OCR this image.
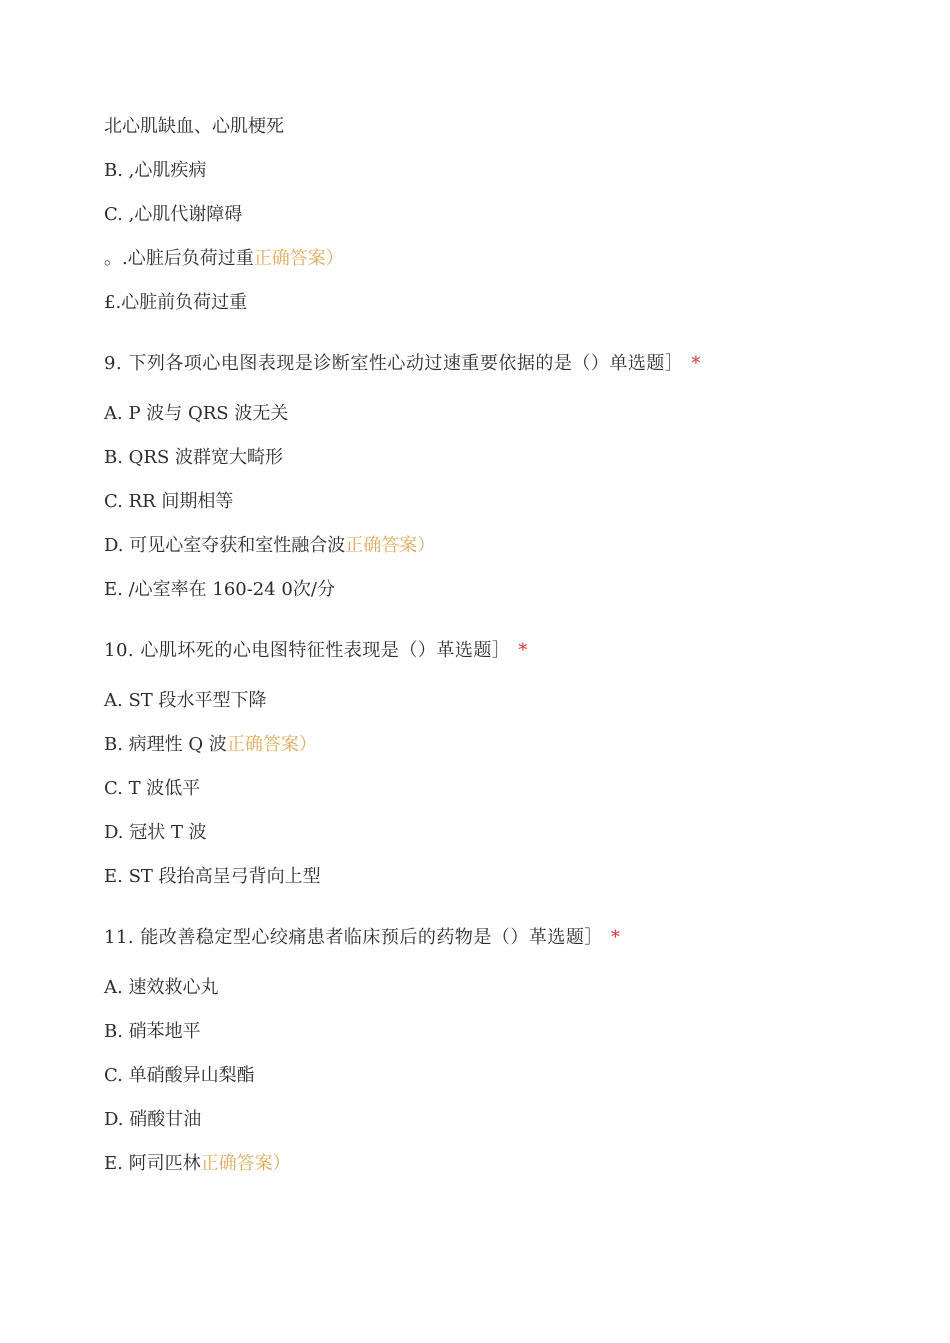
北心肌缺血、心肌梗死
B. ,心肌疾病
C. ,心肌代谢障碍
。.心脏后负荷过重正确答案）
£.心脏前负荷过重
9. 下列各项心电图表现是诊断室性心动过速重要依据的是（）单选题］ *
A. P 波与 QRS 波无关
B. QRS 波群宽大畸形
C. RR 间期相等
D. 可见心室夺获和室性融合波正确答案）
E. /心室率在 160-24 0次/分
10. 心肌坏死的心电图特征性表现是（）革选题］ *
A. ST 段水平型下降
B. 病理性 Q 波正确答案）
C. T 波低平
D. 冠状 T 波
E. ST 段抬高呈弓背向上型
11. 能改善稳定型心绞痛患者临床预后的药物是（）革选题］ *
A. 速效救心丸
B. 硝苯地平
C. 单硝酸异山梨酯
D. 硝酸甘油
E. 阿司匹林正确答案）
